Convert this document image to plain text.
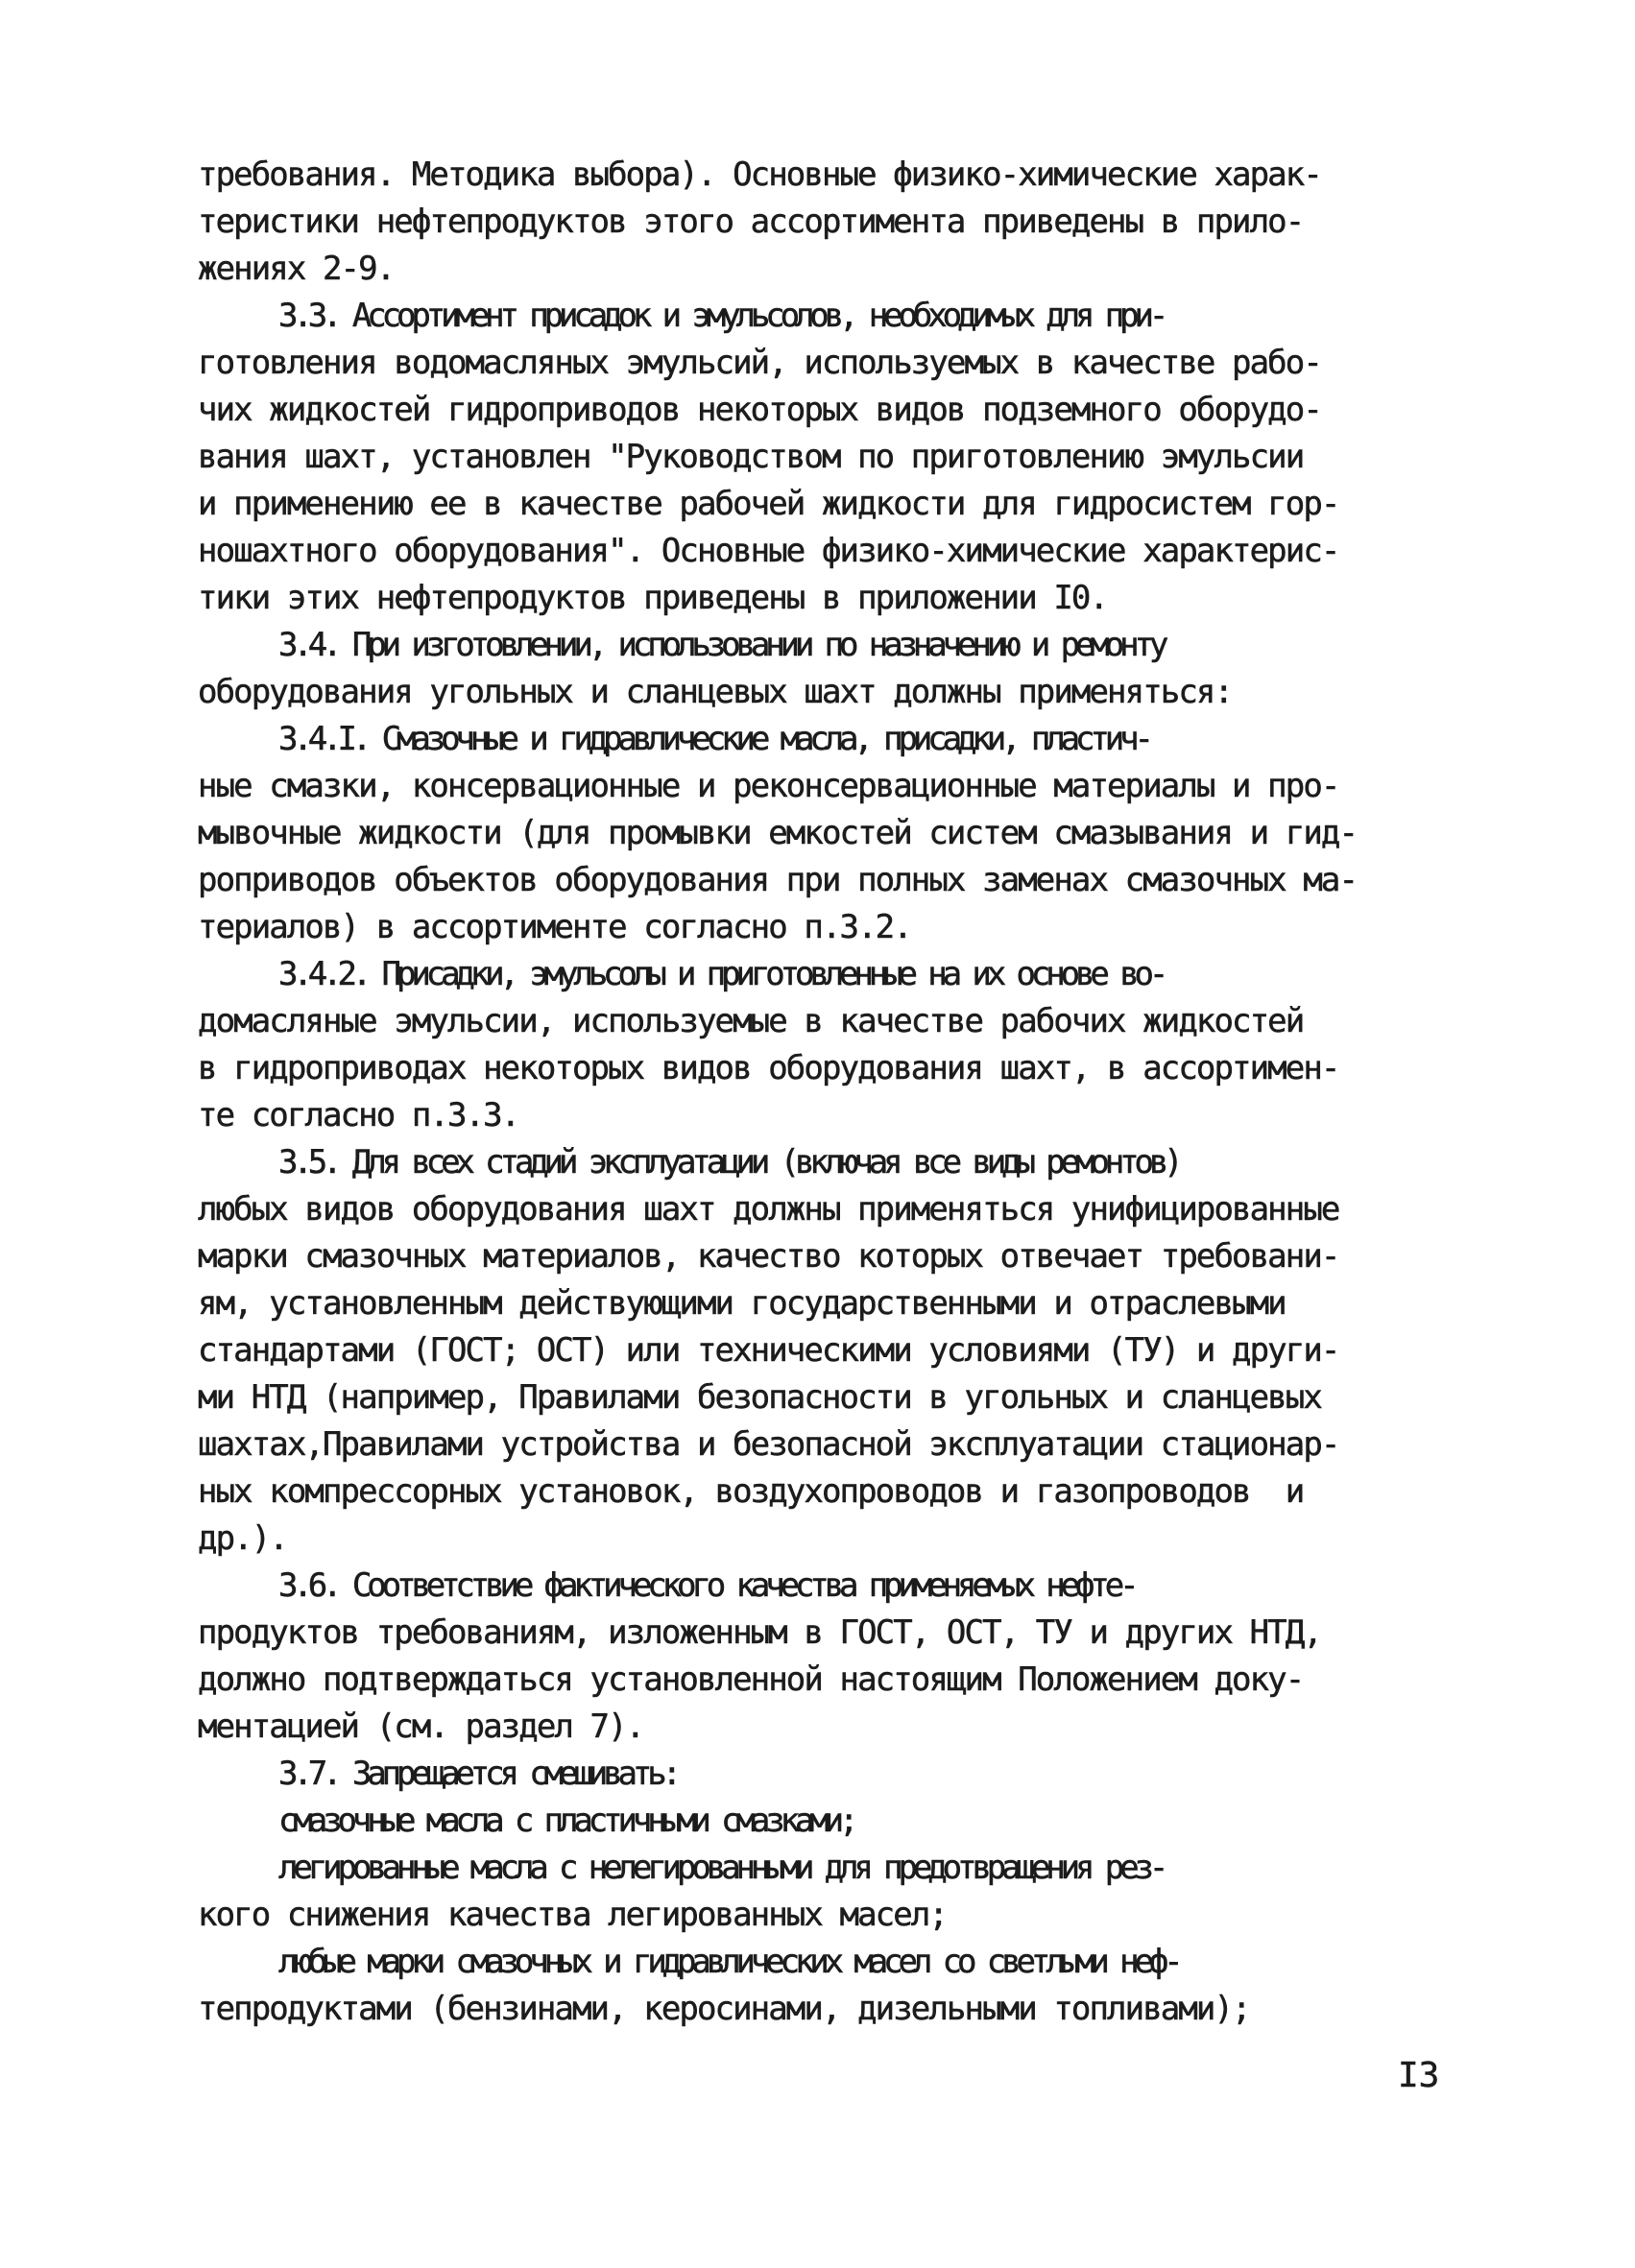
требования. Методика выбора). Основные физико-химические харак-
теристики нефтепродуктов этого ассортимента приведены в прило-
жениях 2-9.
3.3. Ассортимент присадок и эмульсолов, необходимых для при-
готовления водомасляных эмульсий, используемых в качестве рабо-
чих жидкостей гидроприводов некоторых видов подземного оборудо-
вания шахт, установлен "Руководством по приготовлению эмульсии
и применению ее в качестве рабочей жидкости для гидросистем гор-
ношахтного оборудования". Основные физико-химические характерис-
тики этих нефтепродуктов приведены в приложении I0.
3.4. При изготовлении, использовании по назначению и ремонту
оборудования угольных и сланцевых шахт должны применяться:
3.4.I. Смазочные и гидравлические масла, присадки, пластич-
ные смазки, консервационные и реконсервационные материалы и про-
мывочные жидкости (для промывки емкостей систем смазывания и гид-
роприводов объектов оборудования при полных заменах смазочных ма-
териалов) в ассортименте согласно п.3.2.
3.4.2. Присадки, эмульсолы и приготовленные на их основе во-
домасляные эмульсии, используемые в качестве рабочих жидкостей
в гидроприводах некоторых видов оборудования шахт, в ассортимен-
те согласно п.3.3.
3.5. Для всех стадий эксплуатации (включая все виды ремонтов)
любых видов оборудования шахт должны применяться унифицированные
марки смазочных материалов, качество которых отвечает требовани-
ям, установленным действующими государственными и отраслевыми
стандартами (ГОСТ; ОСТ) или техническими условиями (ТУ) и други-
ми НТД (например, Правилами безопасности в угольных и сланцевых
шахтах,Правилами устройства и безопасной эксплуатации стационар-
ных компрессорных установок, воздухопроводов и газопроводов  и
др.).
3.6. Соответствие фактического качества применяемых нефте-
продуктов требованиям, изложенным в ГОСТ, ОСТ, ТУ и других НТД,
должно подтверждаться установленной настоящим Положением доку-
ментацией (см. раздел 7).
3.7. Запрещается смешивать:
смазочные масла с пластичными смазками;
легированные масла с нелегированными для предотвращения рез-
кого снижения качества легированных масел;
любые марки смазочных и гидравлических масел со светлыми неф-
тепродуктами (бензинами, керосинами, дизельными топливами);
I3
